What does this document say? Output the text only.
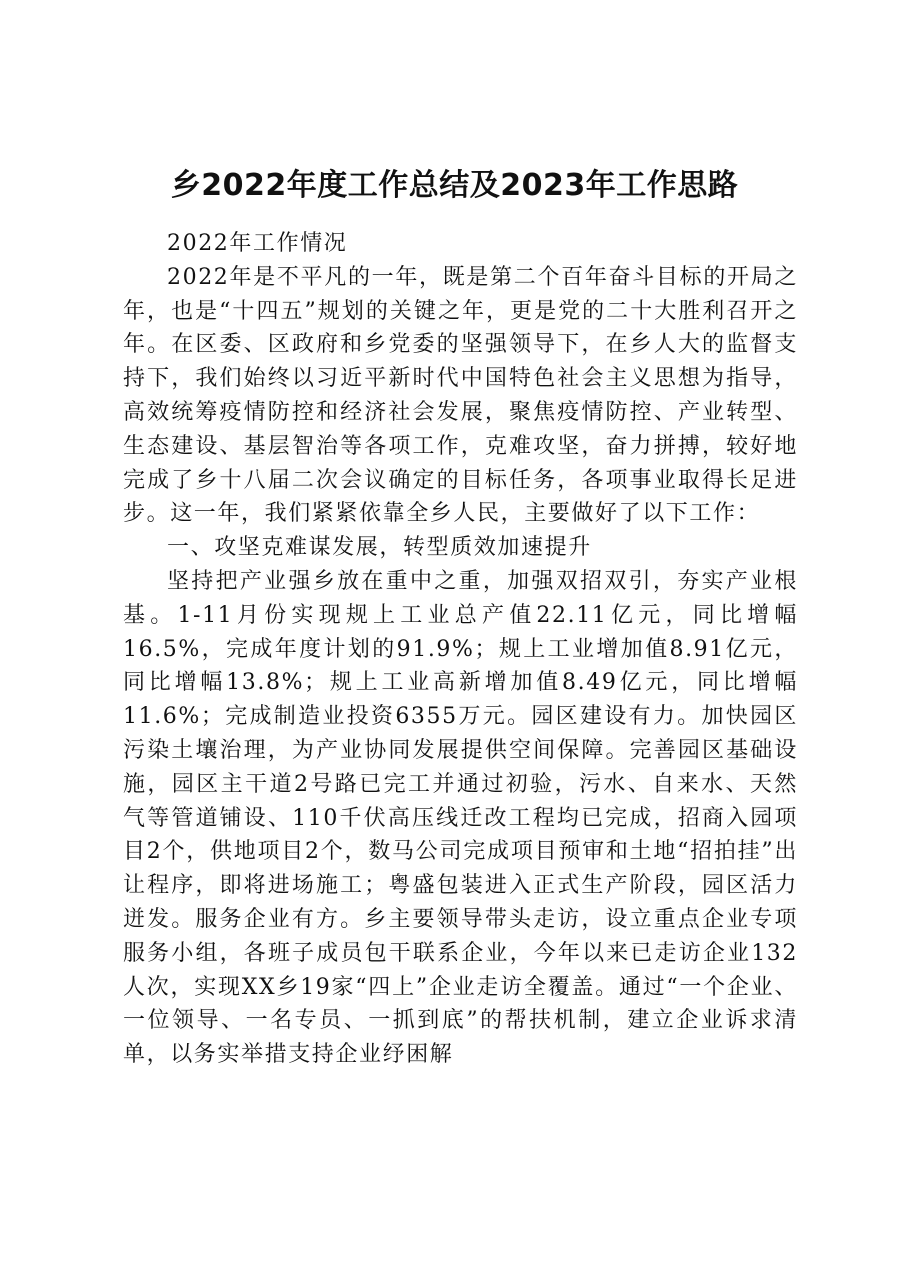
乡2022年度工作总结及2023年工作思路

2022年工作情况

2022年是不平凡的一年，既是第二个百年奋斗目标的开局之年，也是“十四五”规划的关键之年，更是党的二十大胜利召开之年。在区委、区政府和乡党委的坚强领导下，在乡人大的监督支持下，我们始终以习近平新时代中国特色社会主义思想为指导，高效统筹疫情防控和经济社会发展，聚焦疫情防控、产业转型、生态建设、基层智治等各项工作，克难攻坚，奋力拼搏，较好地完成了乡十八届二次会议确定的目标任务，各项事业取得长足进步。这一年，我们紧紧依靠全乡人民，主要做好了以下工作：

一、攻坚克难谋发展，转型质效加速提升

坚持把产业强乡放在重中之重，加强双招双引，夯实产业根基。1-11月份实现规上工业总产值22.11亿元，同比增幅16.5%，完成年度计划的91.9%；规上工业增加值8.91亿元，同比增幅13.8%；规上工业高新增加值8.49亿元，同比增幅11.6%；完成制造业投资6355万元。园区建设有力。加快园区污染土壤治理，为产业协同发展提供空间保障。完善园区基础设施，园区主干道2号路已完工并通过初验，污水、自来水、天然气等管道铺设、110千伏高压线迁改工程均已完成，招商入园项目2个，供地项目2个，数马公司完成项目预审和土地“招拍挂”出让程序，即将进场施工；粤盛包装进入正式生产阶段，园区活力迸发。服务企业有方。乡主要领导带头走访，设立重点企业专项服务小组，各班子成员包干联系企业，今年以来已走访企业132人次，实现XX乡19家“四上”企业走访全覆盖。通过“一个企业、一位领导、一名专员、一抓到底”的帮扶机制，建立企业诉求清单，以务实举措支持企业纾困解
